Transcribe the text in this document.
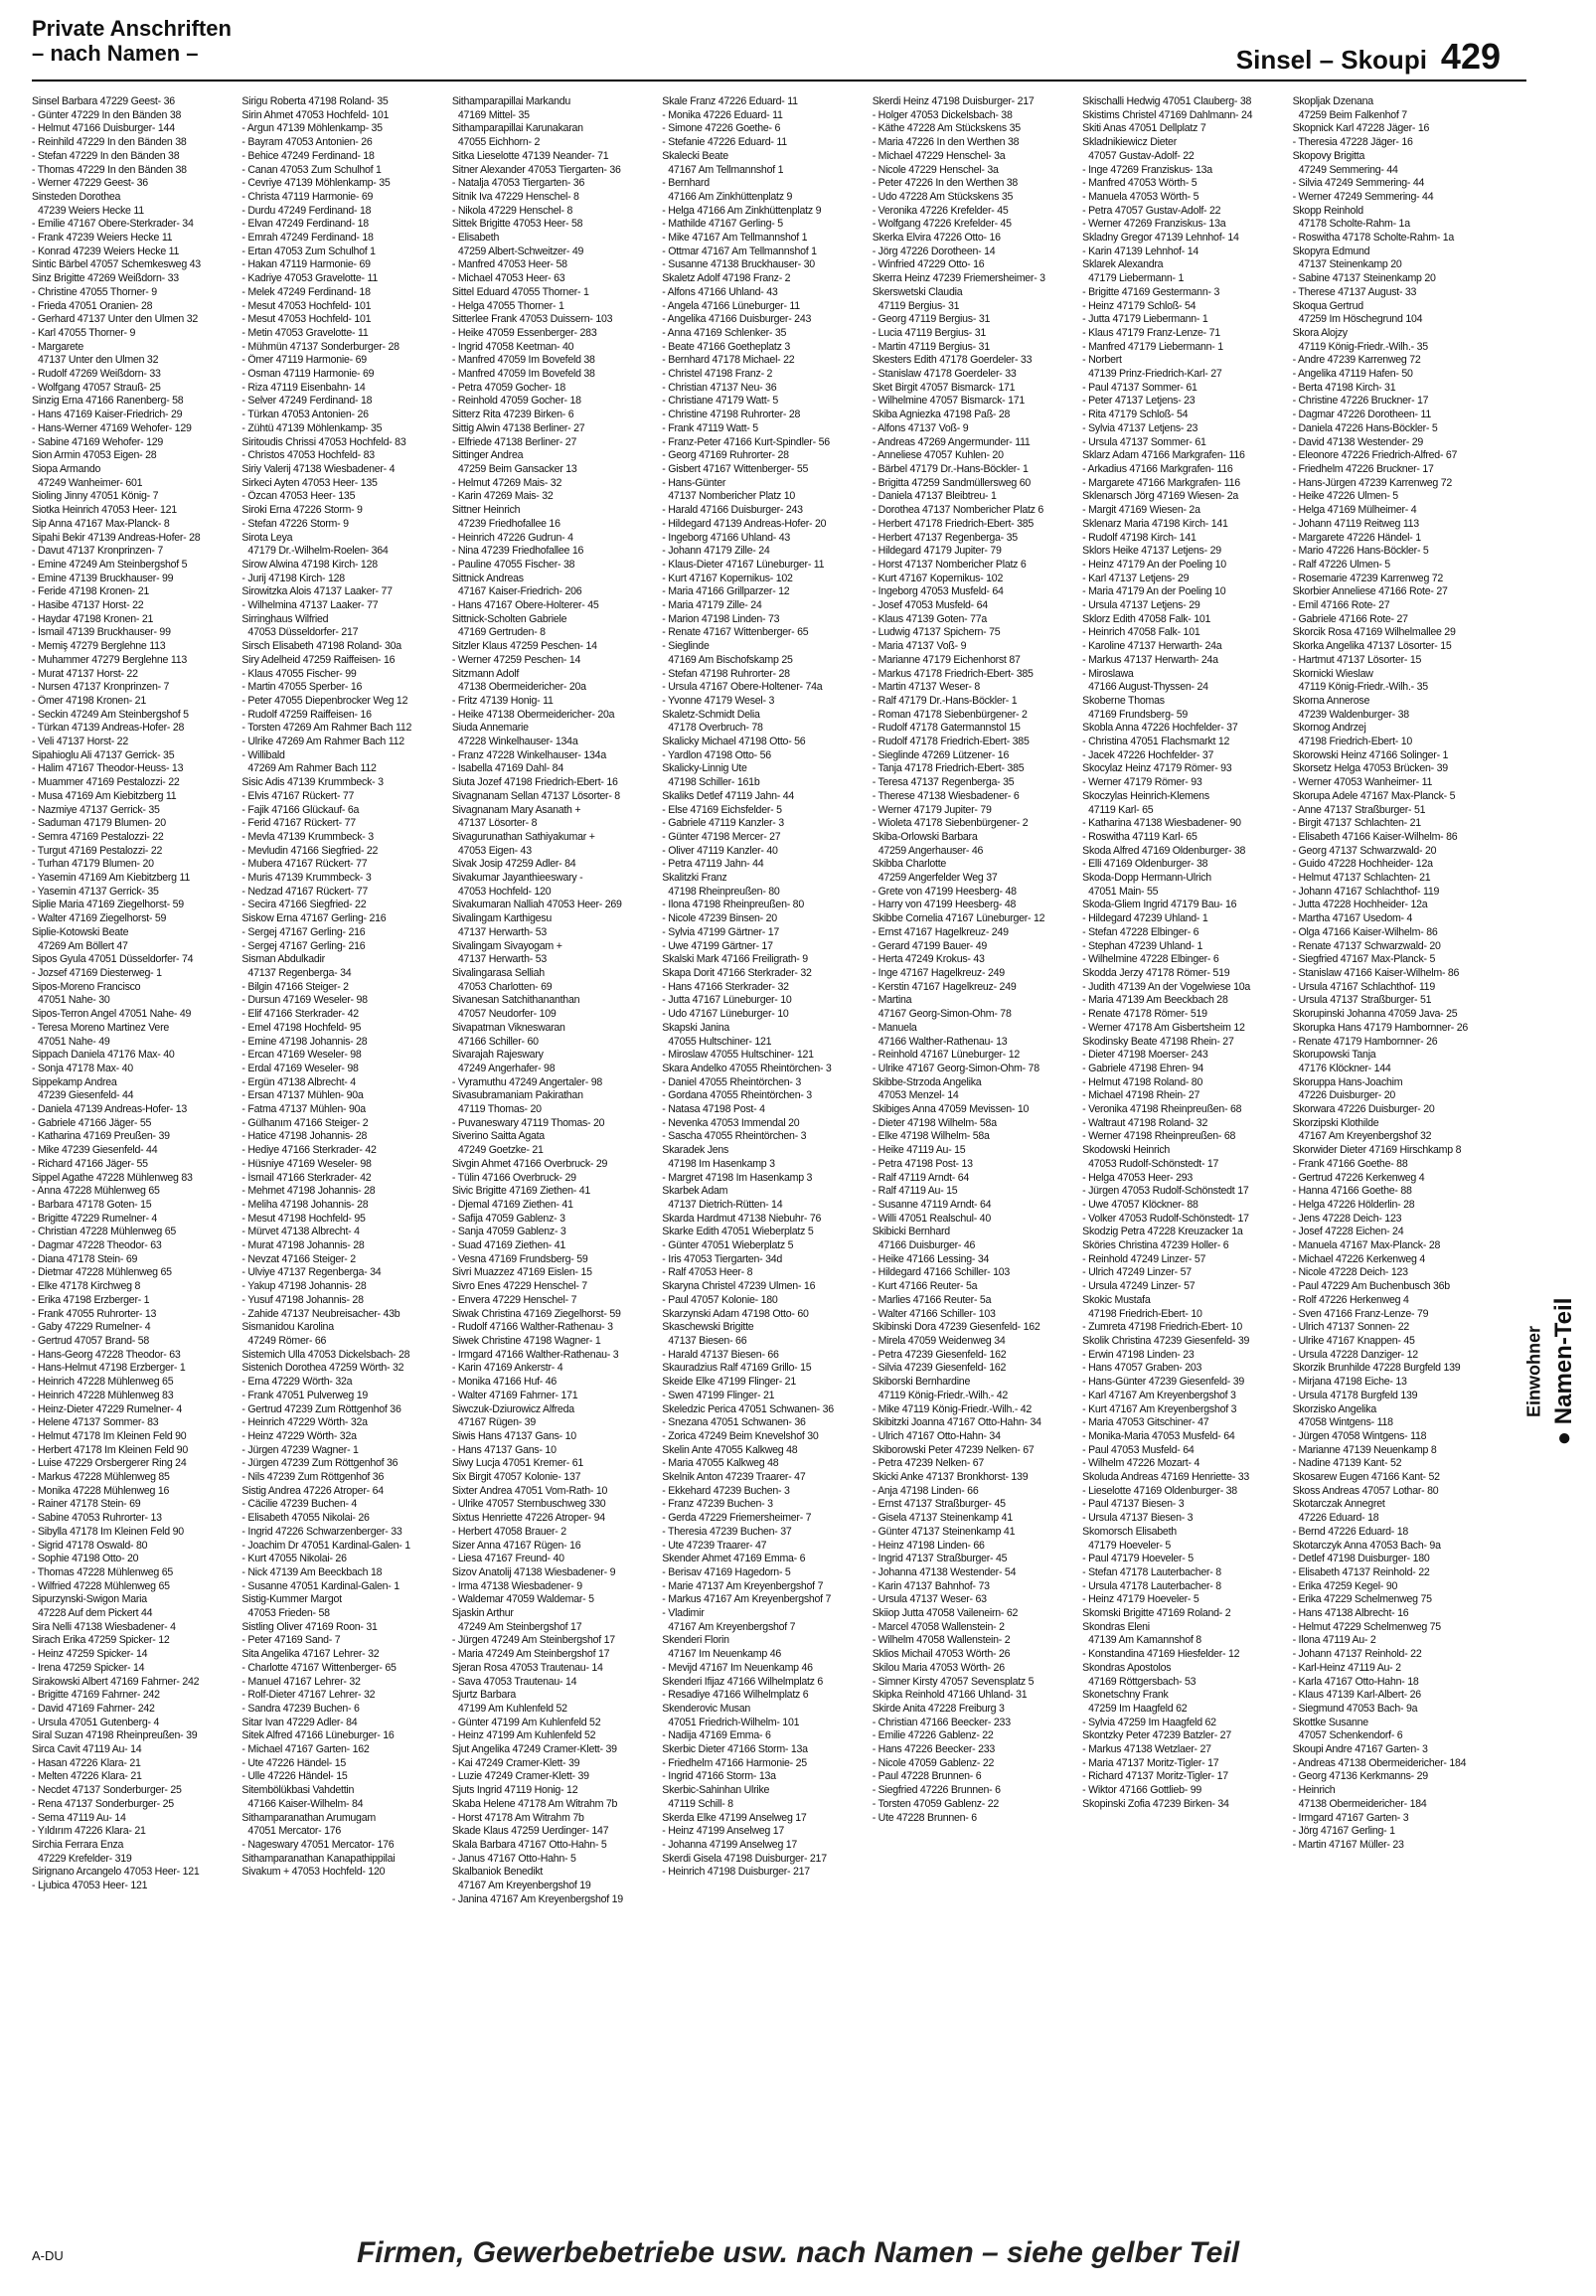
Private Anschriften
– nach Namen –	Sinsel – Skoupi 429
Sinsel Barbara 47229 Geest- 36
- Günter 47229 In den Bänden 38
- Helmut 47166 Duisburger- 144
- Reinhild 47229 In den Bänden 38
- Stefan 47229 In den Bänden 38
- Thomas 47229 In den Bänden 38
- Werner 47229 Geest- 36
Sinsteden Dorothea
47239 Weiers Hecke 11
- Emilie 47167 Obere-Sterkrader- 34
- Frank 47239 Weiers Hecke 11
- Konrad 47239 Weiers Hecke 11
Sintic Bärbel 47057 Schemkesweg 43
Sinz Brigitte 47269 Weißdorn- 33
- Christine 47055 Thorner- 9
- Frieda 47051 Oranien- 28
- Gerhard 47137 Unter den Ulmen 32
- Karl 47055 Thorner- 9
- Margarete
47137 Unter den Ulmen 32
- Rudolf 47269 Weißdorn- 33
- Wolfgang 47057 Strauß- 25
Sinzig Erna 47166 Ranenberg- 58
- Hans 47169 Kaiser-Friedrich- 29
- Hans-Werner 47169 Wehofer- 129
- Sabine 47169 Wehofer- 129
Sion Armin 47053 Eigen- 28
Siopa Armando
47249 Wanheimer- 601
Sioling Jinny 47051 König- 7
Siotka Heinrich 47053 Heer- 121
Sip Anna 47167 Max-Planck- 8
Sipahi Bekir 47139 Andreas-Hofer- 28
- Davut 47137 Kronprinzen- 7
- Emine 47249 Am Steinbergshof 5
- Emine 47139 Bruckhauser- 99
- Feride 47198 Kronen- 21
- Hasibe 47137 Horst- 22
- Haydar 47198 Kronen- 21
- İsmail 47139 Bruckhauser- 99
- Memiş 47279 Berglehne 113
- Muhammer 47279 Berglehne 113
- Murat 47137 Horst- 22
- Nursen 47137 Kronprinzen- 7
- Ömer 47198 Kronen- 21
- Seckin 47249 Am Steinbergshof 5
- Türkan 47139 Andreas-Hofer- 28
- Veli 47137 Horst- 22
Sipahioglu Ali 47137 Gerrick- 35
- Halim 47167 Theodor-Heuss- 13
- Muammer 47169 Pestalozzi- 22
- Musa 47169 Am Kiebitzberg 11
- Nazmiye 47137 Gerrick- 35
- Saduman 47179 Blumen- 20
- Semra 47169 Pestalozzi- 22
- Turgut 47169 Pestalozzi- 22
- Turhan 47179 Blumen- 20
- Yasemin 47169 Am Kiebitzberg 11
- Yasemin 47137 Gerrick- 35
Siplie Maria 47169 Ziegelhorst- 59
- Walter 47169 Ziegelhorst- 59
Siplie-Kotowski Beate
47269 Am Böllert 47
Sipos Gyula 47051 Düsseldorfer- 74
- Jozsef 47169 Diesterweg- 1
Sipos-Moreno Francisco
47051 Nahe- 30
Sipos-Terron Angel 47051 Nahe- 49
- Teresa Moreno Martinez Vere
47051 Nahe- 49
Sippach Daniela 47176 Max- 40
- Sonja 47178 Max- 40
Sippekamp Andrea
47239 Giesenfeld- 44
- Daniela 47139 Andreas-Hofer- 13
- Gabriele 47166 Jäger- 55
- Katharina 47169 Preußen- 39
- Mike 47239 Giesenfeld- 44
- Richard 47166 Jäger- 55
Sippel Agathe 47228 Mühlenweg 83
- Anna 47228 Mühlenweg 65
- Barbara 47178 Goten- 15
- Brigitte 47229 Rumelner- 4
- Christian 47228 Mühlenweg 65
- Dagmar 47228 Theodor- 63
- Diana 47178 Stein- 69
- Dietmar 47228 Mühlenweg 65
- Elke 47178 Kirchweg 8
- Erika 47198 Erzberger- 1
- Frank 47055 Ruhrorter- 13
- Gaby 47229 Rumelner- 4
- Gertrud 47057 Brand- 58
- Hans-Georg 47228 Theodor- 63
- Hans-Helmut 47198 Erzberger- 1
- Heinrich 47228 Mühlenweg 65
- Heinrich 47228 Mühlenweg 83
- Heinz-Dieter 47229 Rumelner- 4
- Helene 47137 Sommer- 83
- Helmut 47178 Im Kleinen Feld 90
- Herbert 47178 Im Kleinen Feld 90
- Luise 47229 Orsbergerer Ring 24
- Markus 47228 Mühlenweg 85
- Monika 47228 Mühlenweg 16
- Rainer 47178 Stein- 69
- Sabine 47053 Ruhrorter- 13
- Sibylla 47178 Im Kleinen Feld 90
- Sigrid 47178 Oswald- 80
- Sophie 47198 Otto- 20
- Thomas 47228 Mühlenweg 65
- Wilfried 47228 Mühlenweg 65
Sipurzynski-Swigon Maria
47228 Auf dem Pickert 44
Sira Nelli 47138 Wiesbadener- 4
Sirach Erika 47259 Spicker- 12
- Heinz 47259 Spicker- 14
- Irena 47259 Spicker- 14
Sirakowski Albert 47169 Fahrner- 242
- Brigitte 47169 Fahrner- 242
- David 47169 Fahrner- 242
- Ursula 47051 Gutenberg- 4
Siral Suzan 47198 Rheinpreußen- 39
Sirca Cavit 47119 Au- 14
- Hasan 47226 Klara- 21
- Melten 47226 Klara- 21
- Necdet 47137 Sonderburger- 25
- Rena 47137 Sonderburger- 25
- Sema 47119 Au- 14
- Yıldırım 47226 Klara- 21
Sirchia Ferrara Enza
47229 Krefelder- 319
Sirignano Arcangelo 47053 Heer- 121
- Ljubica 47053 Heer- 121
Sirigu Roberta 47198 Roland- 35
Sirin Ahmet 47053 Hochfeld- 101
- Argun 47139 Möhlenkamp- 35
- Bayram 47053 Antonien- 26
- Behice 47249 Ferdinand- 18
- Canan 47053 Zum Schulhof 1
- Cevriye 47139 Möhlenkamp- 35
- Christa 47119 Harmonie- 69
- Durdu 47249 Ferdinand- 18
- Elvan 47249 Ferdinand- 18
- Emrah 47249 Ferdinand- 18
- Ertan 47053 Zum Schulhof 1
- Hakan 47119 Harmonie- 69
- Kadriye 47053 Gravelotte- 11
- Melek 47249 Ferdinand- 18
- Mesut 47053 Hochfeld- 101
- Mesut 47053 Hochfeld- 101
- Metin 47053 Gravelotte- 11
- Mühmün 47137 Sonderburger- 28
- Ömer 47119 Harmonie- 69
- Osman 47119 Harmonie- 69
- Riza 47119 Eisenbahn- 14
- Selver 47249 Ferdinand- 18
- Türkan 47053 Antonien- 26
- Zühtü 47139 Möhlenkamp- 35
Siritoudis Chrissi 47053 Hochfeld- 83
- Christos 47053 Hochfeld- 83
Siriy Valerij 47138 Wiesbadener- 4
Sirkeci Ayten 47053 Heer- 135
- Özcan 47053 Heer- 135
Siroki Erna 47226 Storm- 9
- Stefan 47226 Storm- 9
Sirota Leya
47179 Dr.-Wilhelm-Roelen- 364
Sirow Alwina 47198 Kirch- 128
- Jurij 47198 Kirch- 128
Sirowitzka Alois 47137 Laaker- 77
- Wilhelmina 47137 Laaker- 77
Sirringhaus Wilfried
47053 Düsseldorfer- 217
Sirsch Elisabeth 47198 Roland- 30a
Siry Adelheid 47259 Raiffeisen- 16
- Klaus 47055 Fischer- 99
- Martin 47055 Sperber- 16
- Peter 47055 Diepenbrocker Weg 12
- Rudolf 47259 Raiffeisen- 16
- Torsten 47269 Am Rahmer Bach 112
- Ulrike 47269 Am Rahmer Bach 112
- Willibald
47269 Am Rahmer Bach 112
Sisic Adis 47139 Krummbeck- 3
- Elvis 47167 Rückert- 77
- Fajik 47166 Glückauf- 6a
- Ferid 47167 Rückert- 77
- Mevla 47139 Krummbeck- 3
- Mevludin 47166 Siegfried- 22
- Mubera 47167 Rückert- 77
- Muris 47139 Krummbeck- 3
- Nedzad 47167 Rückert- 77
- Secira 47166 Siegfried- 22
Siskow Erna 47167 Gerling- 216
- Sergej 47167 Gerling- 216
- Sergej 47167 Gerling- 216
Sisman Abdulkadir
47137 Regenberga- 34
- Bilgin 47166 Steiger- 2
- Dursun 47169 Weseler- 98
- Elif 47166 Sterkrader- 42
- Emel 47198 Hochfeld- 95
- Emine 47198 Johannis- 28
- Ercan 47169 Weseler- 98
- Erdal 47169 Weseler- 98
- Ergün 47138 Albrecht- 4
- Ersan 47137 Mühlen- 90a
- Fatma 47137 Mühlen- 90a
- Gülhanım 47166 Steiger- 2
- Hatice 47198 Johannis- 28
- Hediye 47166 Sterkrader- 42
- Hüsniye 47169 Weseler- 98
- İsmail 47166 Sterkrader- 42
- Mehmet 47198 Johannis- 28
- Meliha 47198 Johannis- 28
- Mesut 47198 Hochfeld- 95
- Mürvet 47138 Albrecht- 4
- Murat 47198 Johannis- 28
- Nevzat 47166 Steiger- 2
- Ulviye 47137 Regenberga- 34
- Yakup 47198 Johannis- 28
- Yusuf 47198 Johannis- 28
- Zahide 47137 Neubreisacher- 43b
Sismanidou Karolina
47249 Römer- 66
Sistemich Ulla 47053 Dickelsbach- 28
Sistenich Dorothea 47259 Wörth- 32
- Erna 47229 Wörth- 32a
- Frank 47051 Pulverweg 19
- Gertrud 47239 Zum Röttgenhof 36
- Heinrich 47229 Wörth- 32a
- Heinz 47229 Wörth- 32a
- Jürgen 47239 Wagner- 1
- Jürgen 47239 Zum Röttgenhof 36
- Nils 47239 Zum Röttgenhof 36
Sistig Andrea 47226 Atroper- 64
- Cäcilie 47239 Buchen- 4
- Elisabeth 47055 Nikolai- 26
- Ingrid 47226 Schwarzenberger- 33
- Joachim Dr 47051 Kardinal-Galen- 1
- Kurt 47055 Nikolai- 26
- Nick 47139 Am Beeckbach 18
- Susanne 47051 Kardinal-Galen- 1
Sistig-Kummer Margot
47053 Frieden- 58
Sistling Oliver 47169 Roon- 31
- Peter 47169 Sand- 7
Sita Angelika 47167 Lehrer- 32
- Charlotte 47167 Wittenberger- 65
- Manuel 47167 Lehrer- 32
- Rolf-Dieter 47167 Lehrer- 32
- Sandra 47239 Buchen- 6
Sitar Ivan 47229 Adler- 84
Sitek Alfred 47166 Lüneburger- 16
- Michael 47167 Garten- 162
- Ute 47226 Händel- 15
- Ulle 47226 Händel- 15
Sitembölükbasi Vahdettin
47166 Kaiser-Wilhelm- 84
Sithamparanathan Arumugam
47051 Mercator- 176
- Nageswary 47051 Mercator- 176
Sithamparanathan Kanapathippilai
Sivakum + 47053 Hochfeld- 120
Sithamparapillai Markandu
47169 Mittel- 35
Sithamparapillai Karunakaran
47055 Eichhorn- 2
Sitka Lieselotte 47139 Neander- 71
Sitner Alexander 47053 Tiergarten- 36
- Natalja 47053 Tiergarten- 36
Sitnik Iva 47229 Henschel- 8
- Nikola 47229 Henschel- 8
Sittek Brigitte 47053 Heer- 58
- Elisabeth
47259 Albert-Schweitzer- 49
- Manfred 47053 Heer- 58
- Michael 47053 Heer- 63
Sittel Eduard 47055 Thorner- 1
- Helga 47055 Thorner- 1
Sitterlee Frank 47053 Duissern- 103
- Heike 47059 Essenberger- 283
- Ingrid 47058 Keetman- 40
- Manfred 47059 Im Bovefeld 38
- Manfred 47059 Im Bovefeld 38
- Petra 47059 Gocher- 18
- Reinhold 47059 Gocher- 18
Sitterz Rita 47239 Birken- 6
Sittig Alwin 47138 Berliner- 27
- Elfriede 47138 Berliner- 27
Sittinger Andrea
47259 Beim Gansacker 13
- Helmut 47269 Mais- 32
- Karin 47269 Mais- 32
Sittner Heinrich
47239 Friedhofallee 16
- Heinrich 47226 Gudrun- 4
- Nina 47239 Friedhofallee 16
- Pauline 47055 Fischer- 38
Sittnick Andreas
47167 Kaiser-Friedrich- 206
- Hans 47167 Obere-Holterer- 45
Sittnick-Scholten Gabriele
47169 Gertruden- 8
Sitzler Klaus 47259 Peschen- 14
- Werner 47259 Peschen- 14
Sitzmann Adolf
47138 Obermeidericher- 20a
- Fritz 47139 Honig- 11
- Heike 47138 Obermeidericher- 20a
Siuda Annemarie
47228 Winkelhauser- 134a
- Franz 47228 Winkelhauser- 134a
- Isabella 47169 Dahl- 84
Siuta Jozef 47198 Friedrich-Ebert- 16
Sivagnanam Sellan 47137 Lösorter- 8
Sivagnanam Mary Asanath +
47137 Lösorter- 8
Sivagurunathan Sathiyakumar +
47053 Eigen- 43
Sivak Josip 47259 Adler- 84
Sivakumar Jayanthieeswary -
47053 Hochfeld- 120
Sivakumaran Nalliah 47053 Heer- 269
Sivalingam Karthigesu
47137 Herwarth- 53
Sivalingam Sivayogam +
47137 Herwarth- 53
Sivalingarasa Selliah
47053 Charlotten- 69
Sivanesan Satchithananthan
47057 Neudorfer- 109
Sivapatman Vikneswaran
47166 Schiller- 60
Sivarajah Rajeswary
47249 Angerhafer- 98
- Vyramuthu 47249 Angertaler- 98
Sivasubramaniam Pakirathan
47119 Thomas- 20
- Puvaneswary 47119 Thomas- 20
Siverino Saitta Agata
47249 Goetzke- 21
Sivgin Ahmet 47166 Overbruck- 29
- Tülin 47166 Overbruck- 29
Sivic Brigitte 47169 Ziethen- 41
- Djemal 47169 Ziethen- 41
- Safija 47059 Gablenz- 3
- Sanja 47059 Gablenz- 3
- Suad 47169 Ziethen- 41
- Vesna 47169 Frundsberg- 59
Sivri Muazzez 47169 Eislen- 15
Sivro Enes 47229 Henschel- 7
- Envera 47229 Henschel- 7
Siwak Christina 47169 Ziegelhorst- 59
- Rudolf 47166 Walther-Rathenau- 3
Siwek Christine 47198 Wagner- 1
- Irmgard 47166 Walther-Rathenau- 3
- Karin 47169 Ankerstr- 4
- Monika 47166 Huf- 46
- Walter 47169 Fahrner- 171
Siwczuk-Dziurowicz Alfreda
47167 Rügen- 39
Siwis Hans 47137 Gans- 10
- Hans 47137 Gans- 10
Siwy Lucja 47051 Kremer- 61
Six Birgit 47057 Kolonie- 137
Sixter Andrea 47051 Vom-Rath- 10
- Ulrike 47057 Sternbuschweg 330
Sixtus Henriette 47226 Atroper- 94
- Herbert 47058 Brauer- 2
Sizer Anna 47167 Rügen- 16
- Liesa 47167 Freund- 40
Sizov Anatolij 47138 Wiesbadener- 9
- Irma 47138 Wiesbadener- 9
- Waldemar 47059 Waldemar- 5
Sjaskin Arthur
47249 Am Steinbergshof 17
- Jürgen 47249 Am Steinbergshof 17
- Maria 47249 Am Steinbergshof 17
Sjeran Rosa 47053 Trautenau- 14
- Sava 47053 Trautenau- 14
Sjurtz Barbara
47199 Am Kuhlenfeld 52
- Günter 47199 Am Kuhlenfeld 52
- Heinz 47199 Am Kuhlenfeld 52
Sjut Angelika 47249 Cramer-Klett- 39
- Kai 47249 Cramer-Klett- 39
- Luzie 47249 Cramer-Klett- 39
Sjuts Ingrid 47119 Honig- 12
Skaba Helene 47178 Am Witrahm 7b
- Horst 47178 Am Witrahm 7b
Skade Klaus 47259 Uerdinger- 147
Skala Barbara 47167 Otto-Hahn- 5
- Janus 47167 Otto-Hahn- 5
Skalbaniok Benedikt
47167 Am Kreyenbergshof 19
- Janina 47167 Am Kreyenbergshof 19
Skale Franz 47226 Eduard- 11
- Monika 47226 Eduard- 11
- Simone 47226 Goethe- 6
- Stefanie 47226 Eduard- 11
Skalecki Beate
47167 Am Tellmannshof 1
- Bernhard
47166 Am Zinkhüttenplatz 9
- Helga 47166 Am Zinkhüttenplatz 9
- Mathilde 47167 Gerling- 5
- Mike 47167 Am Tellmannshof 1
- Ottmar 47167 Am Tellmannshof 1
- Susanne 47138 Bruckhauser- 30
Skaletz Adolf 47198 Franz- 2
- Alfons 47166 Uhland- 43
- Angela 47166 Lüneburger- 11
- Angelika 47166 Duisburger- 243
- Anna 47169 Schlenker- 35
- Beate 47166 Goetheplatz 3
- Bernhard 47178 Michael- 22
- Christel 47198 Franz- 2
- Christian 47137 Neu- 36
- Christiane 47179 Watt- 5
- Christine 47198 Ruhrorter- 28
- Frank 47119 Watt- 5
- Franz-Peter 47166 Kurt-Spindler- 56
- Georg 47169 Ruhrorter- 28
- Gisbert 47167 Wittenberger- 55
- Hans-Günter
47137 Nombericher Platz 10
- Harald 47166 Duisburger- 243
- Hildegard 47139 Andreas-Hofer- 20
- Ingeborg 47166 Uhland- 43
- Johann 47179 Zille- 24
- Klaus-Dieter 47167 Lüneburger- 11
- Kurt 47167 Kopernikus- 102
- Maria 47166 Grillparzer- 12
- Maria 47179 Zille- 24
- Marion 47198 Linden- 73
- Renate 47167 Wittenberger- 65
- Sieglinde
47169 Am Bischofskamp 25
- Stefan 47198 Ruhrorter- 28
- Ursula 47167 Obere-Holtener- 74a
- Yvonne 47179 Wesel- 3
Skaletz-Schmidt Delia
47178 Overbruch- 78
Skalicky Michael 47198 Otto- 56
- Yardlon 47198 Otto- 56
Skalicky-Linnig Ute
47198 Schiller- 161b
Skaliks Detlef 47119 Jahn- 44
- Else 47169 Eichsfelder- 5
- Gabriele 47119 Kanzler- 3
- Günter 47198 Mercer- 27
- Oliver 47119 Kanzler- 40
- Petra 47119 Jahn- 44
Skalitzki Franz
47198 Rheinpreußen- 80
- Ilona 47198 Rheinpreußen- 80
- Nicole 47239 Binsen- 20
- Sylvia 47199 Gärtner- 17
- Uwe 47199 Gärtner- 17
Skalski Mark 47166 Freiligrath- 9
Skapa Dorit 47166 Sterkrader- 32
- Hans 47166 Sterkrader- 32
- Jutta 47167 Lüneburger- 10
- Udo 47167 Lüneburger- 10
Skapski Janina
47055 Hultschiner- 121
- Miroslaw 47055 Hultschiner- 121
Skara Andelko 47055 Rheintörchen- 3
- Daniel 47055 Rheintörchen- 3
- Gordana 47055 Rheintörchen- 3
- Natasa 47198 Post- 4
- Nevenka 47053 Immendal 20
- Sascha 47055 Rheintörchen- 3
Skaradek Jens
47198 Im Hasenkamp 3
- Margret 47198 Im Hasenkamp 3
Skarbek Adam
47137 Dietrich-Rütten- 14
Skarda Hardmut 47138 Niebuhr- 76
Skarke Edith 47051 Wieberplatz 5
- Günter 47051 Wieberplatz 5
- Iris 47053 Tiergarten- 34d
- Ralf 47053 Heer- 8
Skaryna Christel 47239 Ulmen- 16
- Paul 47057 Kolonie- 180
Skarzynski Adam 47198 Otto- 60
Skaschewski Brigitte
47137 Biesen- 66
- Harald 47137 Biesen- 66
Skauradzius Ralf 47169 Grillo- 15
Skeide Elke 47199 Flinger- 21
- Swen 47199 Flinger- 21
Skeledzic Perica 47051 Schwanen- 36
- Snezana 47051 Schwanen- 36
- Zorica 47249 Beim Knevelshof 30
Skelin Ante 47055 Kalkweg 48
- Maria 47055 Kalkweg 48
Skelnik Anton 47239 Traarer- 47
- Ekkehard 47239 Buchen- 3
- Franz 47239 Buchen- 3
- Gerda 47229 Friemersheimer- 7
- Theresia 47239 Buchen- 37
- Ute 47239 Traarer- 47
Skender Ahmet 47169 Emma- 6
- Berisav 47169 Hagedorn- 5
- Marie 47137 Am Kreyenbergshof 7
- Markus 47167 Am Kreyenbergshof 7
- Vladimir
47167 Am Kreyenbergshof 7
Skenderi Florin
47167 Im Neuenkamp 46
- Mevijd 47167 Im Neuenkamp 46
Skenderi Ifijaz 47166 Wilhelmplatz 6
- Resadiye 47166 Wilhelmplatz 6
Skenderovic Musan
47051 Friedrich-Wilhelm- 101
- Nadija 47169 Emma- 6
Skerbic Dieter 47166 Storm- 13a
- Friedhelm 47166 Harmonie- 25
- Ingrid 47166 Storm- 13a
Skerbic-Sahinhan Ulrike
47119 Schill- 8
Skerda Elke 47199 Anselweg 17
- Heinz 47199 Anselweg 17
- Johanna 47199 Anselweg 17
Skerdi Gisela 47198 Duisburger- 217
- Heinrich 47198 Duisburger- 217
Skerdi Heinz 47198 Duisburger- 217
- Holger 47053 Dickelsbach- 38
- Käthe 47228 Am Stückskens 35
- Maria 47226 In den Werthen 38
- Michael 47229 Henschel- 3a
- Nicole 47229 Henschel- 3a
- Peter 47226 In den Werthen 38
- Udo 47228 Am Stückskens 35
- Veronika 47226 Krefelder- 45
- Wolfgang 47226 Krefelder- 45
Skerka Elvira 47226 Otto- 16
- Jörg 47226 Dorotheen- 14
- Winfried 47229 Otto- 16
Skerra Heinz 47239 Friemersheimer- 3
Skerswetski Claudia
47119 Bergius- 31
- Georg 47119 Bergius- 31
- Lucia 47119 Bergius- 31
- Martin 47119 Bergius- 31
Skesters Edith 47178 Goerdeler- 33
- Stanislaw 47178 Goerdeler- 33
Sket Birgit 47057 Bismarck- 171
- Wilhelmine 47057 Bismarck- 171
Skiba Agniezka 47198 Paß- 28
- Alfons 47137 Voß- 9
- Andreas 47269 Angermunder- 111
- Anneliese 47057 Kuhlen- 20
- Bärbel 47179 Dr.-Hans-Böckler- 1
- Brigitta 47259 Sandmüllersweg 60
- Daniela 47137 Bleibtreu- 1
- Dorothea 47137 Nombericher Platz 6
- Herbert 47178 Friedrich-Ebert- 385
- Herbert 47137 Regenberga- 35
- Hildegard 47179 Jupiter- 79
- Horst 47137 Nombericher Platz 6
- Kurt 47167 Kopernikus- 102
- Ingeborg 47053 Musfeld- 64
- Josef 47053 Musfeld- 64
- Klaus 47139 Goten- 77a
- Ludwig 47137 Spichern- 75
- Maria 47137 Voß- 9
- Marianne 47179 Eichenhorst 87
- Markus 47178 Friedrich-Ebert- 385
- Martin 47137 Weser- 8
- Ralf 47179 Dr.-Hans-Böckler- 1
- Roman 47178 Siebenbürgener- 2
- Rudolf 47178 Gatermannstol 15
- Rudolf 47178 Friedrich-Ebert- 385
- Sieglinde 47269 Lützener- 16
- Tanja 47178 Friedrich-Ebert- 385
- Teresa 47137 Regenberga- 35
- Therese 47138 Wiesbadener- 6
- Werner 47179 Jupiter- 79
- Wioleta 47178 Siebenbürgener- 2
Skiba-Orlowski Barbara
47259 Angerhauser- 46
Skibba Charlotte
47259 Angerfelder Weg 37
- Grete von 47199 Heesberg- 48
- Harry von 47199 Heesberg- 48
Skibbe Cornelia 47167 Lüneburger- 12
- Ernst 47167 Hagelkreuz- 249
- Gerard 47199 Bauer- 49
- Herta 47249 Krokus- 43
- Inge 47167 Hagelkreuz- 249
- Kerstin 47167 Hagelkreuz- 249
- Martina
47167 Georg-Simon-Ohm- 78
- Manuela
47166 Walther-Rathenau- 13
- Reinhold 47167 Lüneburger- 12
- Ulrike 47167 Georg-Simon-Ohm- 78
Skibbe-Strzoda Angelika
47053 Menzel- 14
Skibiges Anna 47059 Mevissen- 10
- Dieter 47198 Wilhelm- 58a
- Elke 47198 Wilhelm- 58a
- Heike 47119 Au- 15
- Petra 47198 Post- 13
- Ralf 47119 Arndt- 64
- Ralf 47119 Au- 15
- Susanne 47119 Arndt- 64
- Willi 47051 Realschul- 40
Skibicki Bernhard
47166 Duisburger- 46
- Heike 47166 Lessing- 34
- Hildegard 47166 Schiller- 103
- Kurt 47166 Reuter- 5a
- Marlies 47166 Reuter- 5a
- Walter 47166 Schiller- 103
Skibinski Dora 47239 Giesenfeld- 162
- Mirela 47059 Weidenweg 34
- Petra 47239 Giesenfeld- 162
- Silvia 47239 Giesenfeld- 162
Skiborski Bernhardine
47119 König-Friedr.-Wilh.- 42
- Mike 47119 König-Friedr.-Wilh.- 42
Skibitzki Joanna 47167 Otto-Hahn- 34
- Ulrich 47167 Otto-Hahn- 34
Skiborowski Peter 47239 Nelken- 67
- Petra 47239 Nelken- 67
Skicki Anke 47137 Bronkhorst- 139
- Anja 47198 Linden- 66
- Ernst 47137 Straßburger- 45
- Gisela 47137 Steinenkamp 41
- Günter 47137 Steinenkamp 41
- Heinz 47198 Linden- 66
- Ingrid 47137 Straßburger- 45
- Johanna 47138 Westender- 54
- Karin 47137 Bahnhof- 73
- Ursula 47137 Weser- 63
Skiiop Jutta 47058 Vaileneirn- 62
- Marcel 47058 Wallenstein- 2
- Wilhelm 47058 Wallenstein- 2
Sklios Michail 47053 Wörth- 26
Skilou Maria 47053 Wörth- 26
- Simner Kirsty 47057 Sevensplatz 5
Skipka Reinhold 47166 Uhland- 31
Skirde Anita 47228 Freiburg 3
- Christian 47166 Beecker- 233
- Emilie 47226 Gablenz- 22
- Hans 47226 Beecker- 233
- Nicole 47059 Gablenz- 22
- Paul 47228 Brunnen- 6
- Siegfried 47226 Brunnen- 6
- Torsten 47059 Gablenz- 22
- Ute 47228 Brunnen- 6
Skischalli Hedwig 47051 Clauberg- 38
Skistims Christel 47169 Dahlmann- 24
Skiti Anas 47051 Dellplatz 7
Skladnikiewicz Dieter
47057 Gustav-Adolf- 22
- Inge 47269 Franziskus- 13a
- Manfred 47053 Wörth- 5
- Manuela 47053 Wörth- 5
- Petra 47057 Gustav-Adolf- 22
- Werner 47269 Franziskus- 13a
Skladny Gregor 47139 Lehnhof- 14
- Karin 47139 Lehnhof- 14
Sklarek Alexandra
47179 Liebermann- 1
- Brigitte 47169 Gestermann- 3
- Heinz 47179 Schloß- 54
- Jutta 47179 Liebermann- 1
- Klaus 47179 Franz-Lenze- 71
- Manfred 47179 Liebermann- 1
- Norbert
47139 Prinz-Friedrich-Karl- 27
- Paul 47137 Sommer- 61
- Peter 47137 Letjens- 23
- Rita 47179 Schloß- 54
- Sylvia 47137 Letjens- 23
- Ursula 47137 Sommer- 61
Sklarz Adam 47166 Markgrafen- 116
- Arkadius 47166 Markgrafen- 116
- Margarete 47166 Markgrafen- 116
Sklenarsch Jörg 47169 Wiesen- 2a
- Margit 47169 Wiesen- 2a
Sklenarz Maria 47198 Kirch- 141
- Rudolf 47198 Kirch- 141
Sklors Heike 47137 Letjens- 29
- Heinz 47179 An der Poeling 10
- Karl 47137 Letjens- 29
- Maria 47179 An der Poeling 10
- Ursula 47137 Letjens- 29
Sklorz Edith 47058 Falk- 101
- Heinrich 47058 Falk- 101
- Karoline 47137 Herwarth- 24a
- Markus 47137 Herwarth- 24a
- Miroslawa
47166 August-Thyssen- 24
Skoberne Thomas
47169 Frundsberg- 59
Skobla Anna 47226 Hochfelder- 37
- Christina 47051 Flachsmarkt 12
- Jacek 47226 Hochfelder- 37
Skocylaz Heinz 47179 Römer- 93
- Werner 47179 Römer- 93
Skoczylas Heinrich-Klemens
47119 Karl- 65
- Katharina 47138 Wiesbadener- 90
- Roswitha 47119 Karl- 65
Skoda Alfred 47169 Oldenburger- 38
- Elli 47169 Oldenburger- 38
Skoda-Dopp Hermann-Ulrich
47051 Main- 55
Skoda-Gliem Ingrid 47179 Bau- 16
- Hildegard 47239 Uhland- 1
- Stefan 47228 Elbinger- 6
- Stephan 47239 Uhland- 1
- Wilhelmine 47228 Elbinger- 6
Skodda Jerzy 47178 Römer- 519
- Judith 47139 An der Vogelwiese 10a
- Maria 47139 Am Beeckbach 28
- Renate 47178 Römer- 519
- Werner 47178 Am Gisbertsheim 12
Skodinsky Beate 47198 Rhein- 27
- Dieter 47198 Moerser- 243
- Gabriele 47198 Ehren- 94
- Helmut 47198 Roland- 80
- Michael 47198 Rhein- 27
- Veronika 47198 Rheinpreußen- 68
- Waltraut 47198 Roland- 32
- Werner 47198 Rheinpreußen- 68
Skodowski Heinrich
47053 Rudolf-Schönstedt- 17
- Helga 47053 Heer- 293
- Jürgen 47053 Rudolf-Schönstedt 17
- Uwe 47057 Klöckner- 88
- Volker 47053 Rudolf-Schönstedt- 17
Skodzig Petra 47228 Kreuzacker 1a
Sköries Christina 47239 Holler- 6
- Reinhold 47249 Linzer- 57
- Ulrich 47249 Linzer- 57
- Ursula 47249 Linzer- 57
Skokic Mustafa
47198 Friedrich-Ebert- 10
- Zumreta 47198 Friedrich-Ebert- 10
Skolik Christina 47239 Giesenfeld- 39
- Erwin 47198 Linden- 23
- Hans 47057 Graben- 203
- Hans-Günter 47239 Giesenfeld- 39
- Karl 47167 Am Kreyenbergshof 3
- Kurt 47167 Am Kreyenbergshof 3
- Maria 47053 Gitschiner- 47
- Monika-Maria 47053 Musfeld- 64
- Paul 47053 Musfeld- 64
- Wilhelm 47226 Mozart- 4
Skoluda Andreas 47169 Henriette- 33
- Lieselotte 47169 Oldenburger- 38
- Paul 47137 Biesen- 3
- Ursula 47137 Biesen- 3
Skomorsch Elisabeth
47179 Hoeveler- 5
- Paul 47179 Hoeveler- 5
- Stefan 47178 Lauterbacher- 8
- Ursula 47178 Lauterbacher- 8
- Heinz 47179 Hoeveler- 5
Skomski Brigitte 47169 Roland- 2
Skondras Eleni
47139 Am Kamannshof 8
- Konstandina 47169 Hiesfelder- 12
Skondras Apostolos
47169 Röttgersbach- 53
Skonetschny Frank
47259 Im Haagfeld 62
- Sylvia 47259 Im Haagfeld 62
Skontzky Peter 47239 Batzler- 27
- Markus 47138 Wetzlaer- 27
- Maria 47137 Moritz-Tigler- 17
- Richard 47137 Moritz-Tigler- 17
- Wiktor 47166 Gottlieb- 99
Skopinski Zofia 47239 Birken- 34
Skopljak Dzenana
47259 Beim Falkenhof 7
Skopnick Karl 47228 Jäger- 16
- Theresia 47228 Jäger- 16
Skopovy Brigitta
47249 Semmering- 44
- Silvia 47249 Semmering- 44
- Werner 47249 Semmering- 44
Skopp Reinhold
47178 Scholte-Rahm- 1a
- Roswitha 47178 Scholte-Rahm- 1a
Skopyra Edmund
47137 Steinenkamp 20
- Sabine 47137 Steinenkamp 20
- Therese 47137 August- 33
Skoqua Gertrud
47259 Im Höschegrund 104
Skora Alojzy
47119 König-Friedr.-Wilh.- 35
- Andre 47239 Karrenweg 72
- Angelika 47119 Hafen- 50
- Berta 47198 Kirch- 31
- Christine 47226 Bruckner- 17
- Dagmar 47226 Dorotheen- 11
- Daniela 47226 Hans-Böckler- 5
- David 47138 Westender- 29
- Eleonore 47226 Friedrich-Alfred- 67
- Friedhelm 47226 Bruckner- 17
- Hans-Jürgen 47239 Karrenweg 72
- Heike 47226 Ulmen- 5
- Helga 47169 Mülheimer- 4
- Johann 47119 Reitweg 113
- Margarete 47226 Händel- 1
- Mario 47226 Hans-Böckler- 5
- Ralf 47226 Ulmen- 5
- Rosemarie 47239 Karrenweg 72
Skorbier Anneliese 47166 Rote- 27
- Emil 47166 Rote- 27
- Gabriele 47166 Rote- 27
Skorcik Rosa 47169 Wilhelmallee 29
Skorka Angelika 47137 Lösorter- 15
- Hartmut 47137 Lösorter- 15
Skornicki Wieslaw
47119 König-Friedr.-Wilh.- 35
Skorna Annerose
47239 Waldenburger- 38
Skornog Andrzej
47198 Friedrich-Ebert- 10
Skorowski Heinz 47166 Solinger- 1
Skorsetz Helga 47053 Brücken- 39
- Werner 47053 Wanheimer- 11
Skorupa Adele 47167 Max-Planck- 5
- Anne 47137 Straßburger- 51
- Birgit 47137 Schlachten- 21
- Elisabeth 47166 Kaiser-Wilhelm- 86
- Georg 47137 Schwarzwald- 20
- Guido 47228 Hochheider- 12a
- Helmut 47137 Schlachten- 21
- Johann 47167 Schlachthof- 119
- Jutta 47228 Hochheider- 12a
- Martha 47167 Usedom- 4
- Olga 47166 Kaiser-Wilhelm- 86
- Renate 47137 Schwarzwald- 20
- Siegfried 47167 Max-Planck- 5
- Stanislaw 47166 Kaiser-Wilhelm- 86
- Ursula 47167 Schlachthof- 119
- Ursula 47137 Straßburger- 51
Skorupinski Johanna 47059 Java- 25
Skorupka Hans 47179 Hambornner- 26
- Renate 47179 Hambornner- 26
Skorupowski Tanja
47176 Klöckner- 144
Skoruppa Hans-Joachim
47226 Duisburger- 20
Skorwara 47226 Duisburger- 20
Skorzipski Klothilde
47167 Am Kreyenbergshof 32
Skorwider Dieter 47169 Hirschkamp 8
- Frank 47166 Goethe- 88
- Gertrud 47226 Kerkenweg 4
- Hanna 47166 Goethe- 88
- Helga 47226 Hölderlin- 28
- Jens 47228 Deich- 123
- Josef 47228 Eichen- 24
- Manuela 47167 Max-Planck- 28
- Michael 47226 Kerkenweg 4
- Nicole 47228 Deich- 123
- Paul 47229 Am Buchenbusch 36b
- Rolf 47226 Herkenweg 4
- Sven 47166 Franz-Lenze- 79
- Ulrich 47137 Sonnen- 22
- Ulrike 47167 Knappen- 45
- Ursula 47228 Danziger- 12
Skorzik Brunhilde 47228 Burgfeld 139
- Mirjana 47198 Eiche- 13
- Ursula 47178 Burgfeld 139
Skorzisko Angelika
47058 Wintgens- 118
- Jürgen 47058 Wintgens- 118
- Marianne 47139 Neuenkamp 8
- Nadine 47139 Kant- 52
Skosarew Eugen 47166 Kant- 52
Skoss Andreas 47057 Lothar- 80
Skotarczak Annegret
47226 Eduard- 18
- Bernd 47226 Eduard- 18
Skotarczyk Anna 47053 Bach- 9a
- Detlef 47198 Duisburger- 180
- Elisabeth 47137 Reinhold- 22
- Erika 47259 Kegel- 90
- Erika 47229 Schelmenweg 75
- Hans 47138 Albrecht- 16
- Helmut 47229 Schelmenweg 75
- Ilona 47119 Au- 2
- Johann 47137 Reinhold- 22
- Karl-Heinz 47119 Au- 2
- Karla 47167 Otto-Hahn- 18
- Klaus 47139 Karl-Albert- 26
- Siegmund 47053 Bach- 9a
Skottke Susanne
47057 Schenkendorf- 6
Skoupi Andre 47167 Garten- 3
- Andreas 47138 Obermeidericher- 184
- Georg 47136 Kerkmanns- 29
- Heinrich
47138 Obermeidericher- 184
- Irmgard 47167 Garten- 3
- Jörg 47167 Gerling- 1
- Martin 47167 Müller- 23
Einwohner ● Namen-Teil
A-DU	Firmen, Gewerbebetriebe usw. nach Namen – siehe gelber Teil
